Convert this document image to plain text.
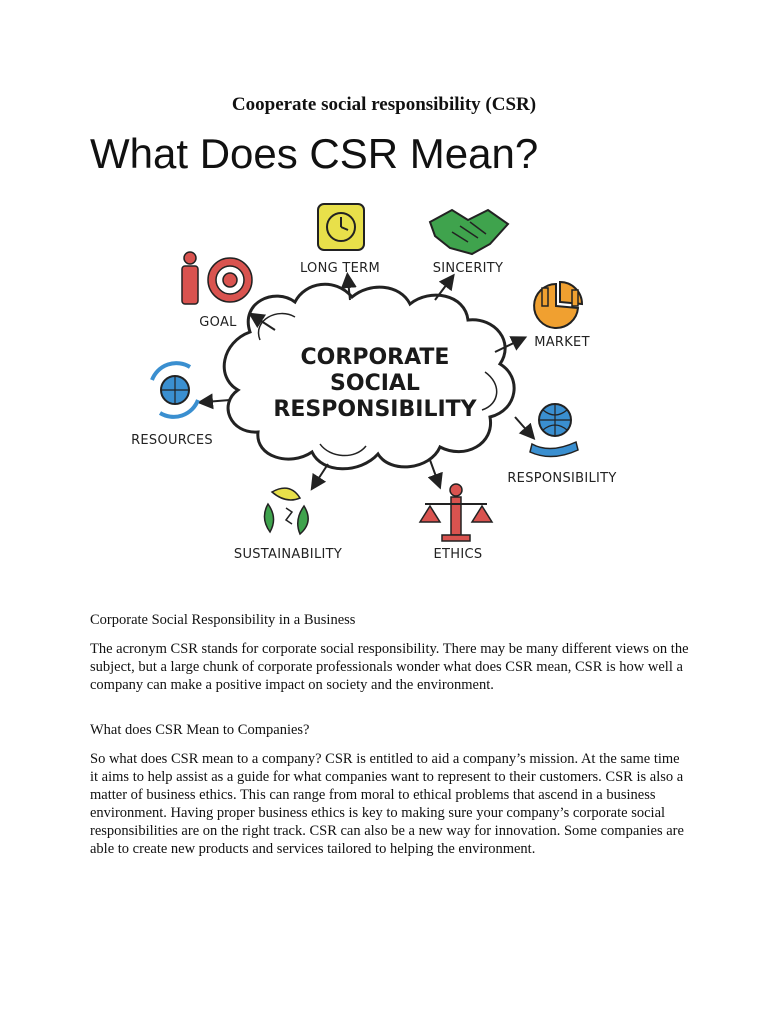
Cooperate social responsibility (CSR)
What Does CSR Mean?
CORPORATE
SOCIAL
RESPONSIBILITY
GOAL
LONG TERM	SINCERITY
MARKET
RESPONSIBILITY
ETHICS
SUSTAINABILITY
RESOURCES
Corporate Social Responsibility in a Business
The acronym CSR stands for corporate social responsibility. There may be many different views on the subject, but a large chunk of corporate professionals wonder what does CSR mean, CSR is how well a company can make a positive impact on society and the environment.
What does CSR Mean to Companies?
So what does CSR mean to a company? CSR is entitled to aid a company’s mission. At the same time it aims to help assist as a guide for what companies want to represent to their customers. CSR is also a matter of business ethics. This can range from moral to ethical problems that ascend in a business environment. Having proper business ethics is key to making sure your company’s corporate social responsibilities are on the right track. CSR can also be a new way for innovation. Some companies are able to create new products and services tailored to helping the environment.
